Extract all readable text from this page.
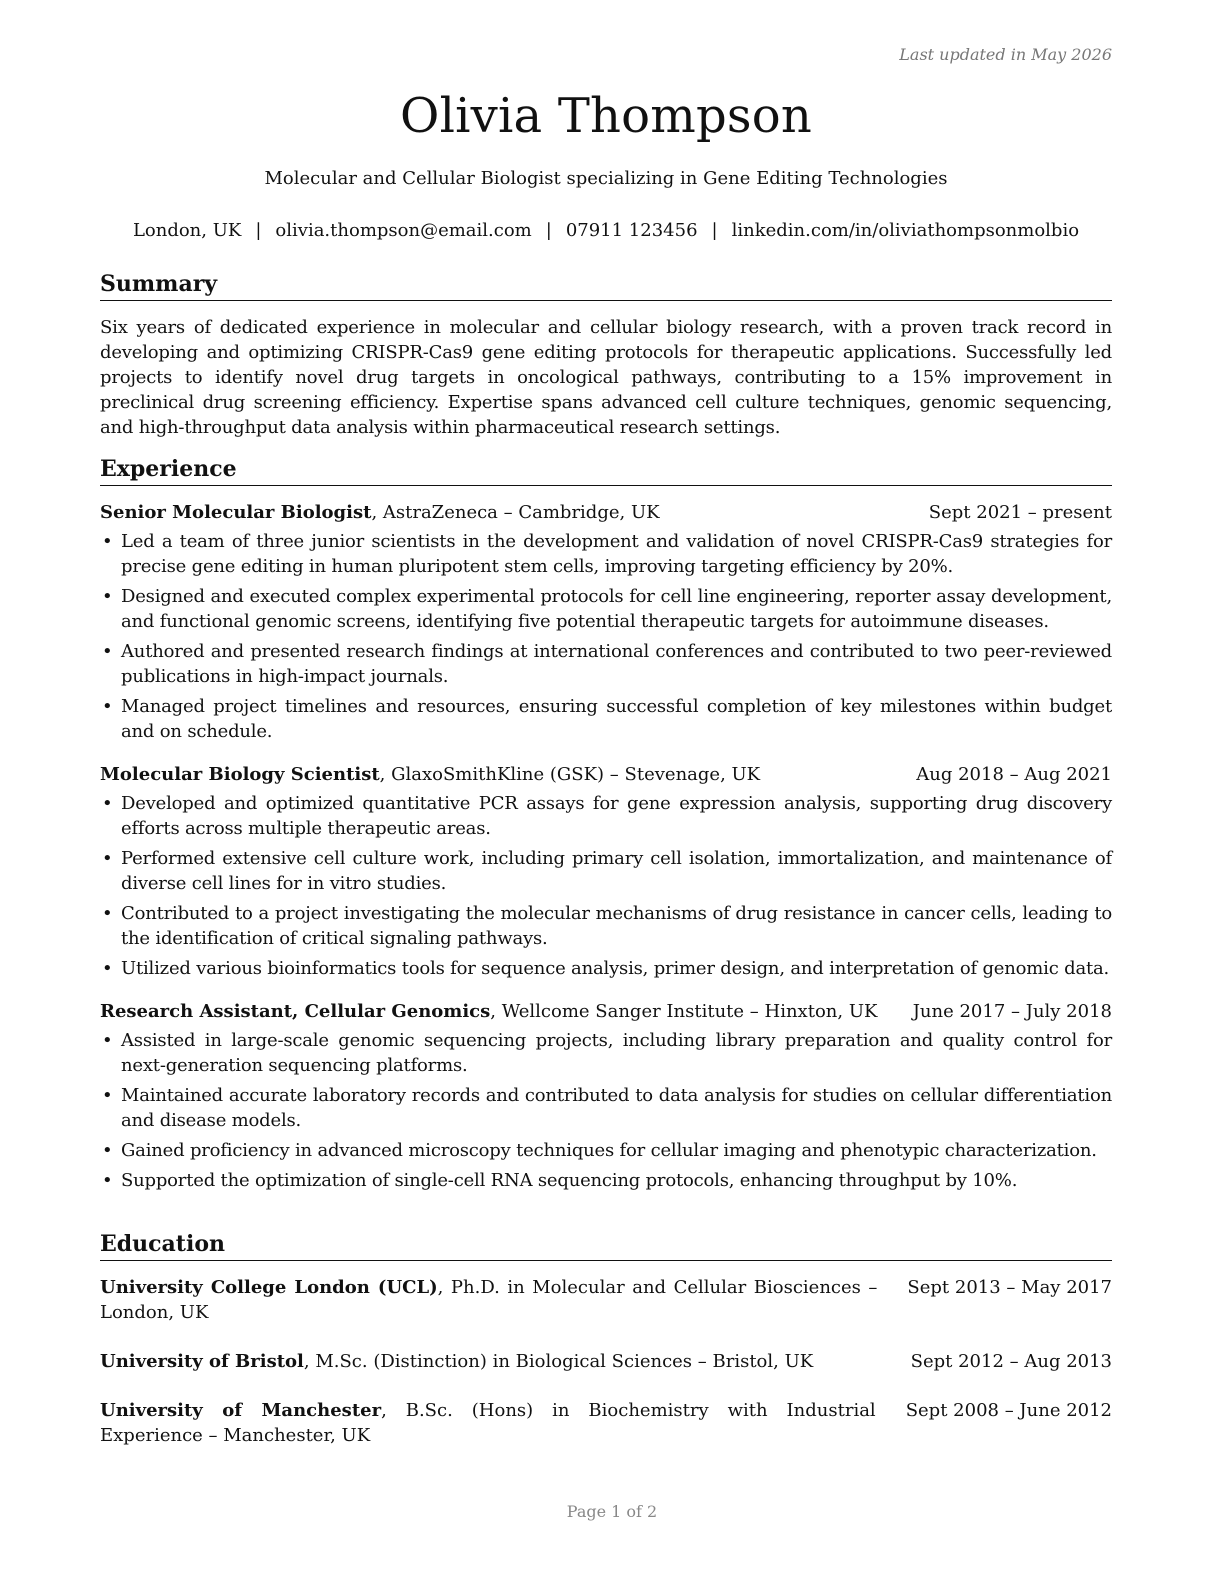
Last updated in May 2026
Olivia Thompson
Molecular and Cellular Biologist specializing in Gene Editing Technologies
London, UK | olivia.thompson@email.com | 07911 123456 | linkedin.com/in/oliviathompsonmolbio
Summary
Six years of dedicated experience in molecular and cellular biology research, with a proven track record in developing and optimizing CRISPR-Cas9 gene editing protocols for therapeutic applications. Successfully led projects to identify novel drug targets in oncological pathways, contributing to a 15% improvement in preclinical drug screening efficiency. Expertise spans advanced cell culture techniques, genomic sequencing, and high-throughput data analysis within pharmaceutical research settings.
Experience
Senior Molecular Biologist, AstraZeneca – Cambridge, UK	Sept 2021 – present
• Led a team of three junior scientists in the development and validation of novel CRISPR-Cas9 strategies for precise gene editing in human pluripotent stem cells, improving targeting efficiency by 20%.
• Designed and executed complex experimental protocols for cell line engineering, reporter assay development, and functional genomic screens, identifying five potential therapeutic targets for autoimmune diseases.
• Authored and presented research findings at international conferences and contributed to two peer-reviewed publications in high-impact journals.
• Managed project timelines and resources, ensuring successful completion of key milestones within budget and on schedule.
Molecular Biology Scientist, GlaxoSmithKline (GSK) – Stevenage, UK	Aug 2018 – Aug 2021
• Developed and optimized quantitative PCR assays for gene expression analysis, supporting drug discovery efforts across multiple therapeutic areas.
• Performed extensive cell culture work, including primary cell isolation, immortalization, and maintenance of diverse cell lines for in vitro studies.
• Contributed to a project investigating the molecular mechanisms of drug resistance in cancer cells, leading to the identification of critical signaling pathways.
• Utilized various bioinformatics tools for sequence analysis, primer design, and interpretation of genomic data.
Research Assistant, Cellular Genomics, Wellcome Sanger Institute – Hinxton, UK	June 2017 – July 2018
• Assisted in large-scale genomic sequencing projects, including library preparation and quality control for next-generation sequencing platforms.
• Maintained accurate laboratory records and contributed to data analysis for studies on cellular differentiation and disease models.
• Gained proficiency in advanced microscopy techniques for cellular imaging and phenotypic characterization.
• Supported the optimization of single-cell RNA sequencing protocols, enhancing throughput by 10%.
Education
University College London (UCL), Ph.D. in Molecular and Cellular Biosciences – London, UK
Sept 2013 – May 2017
University of Bristol, M.Sc. (Distinction) in Biological Sciences – Bristol, UK	Sept 2012 – Aug 2013
University of Manchester, B.Sc. (Hons) in Biochemistry with Industrial Experience – Manchester, UK
Sept 2008 – June 2012
Page 1 of 2
